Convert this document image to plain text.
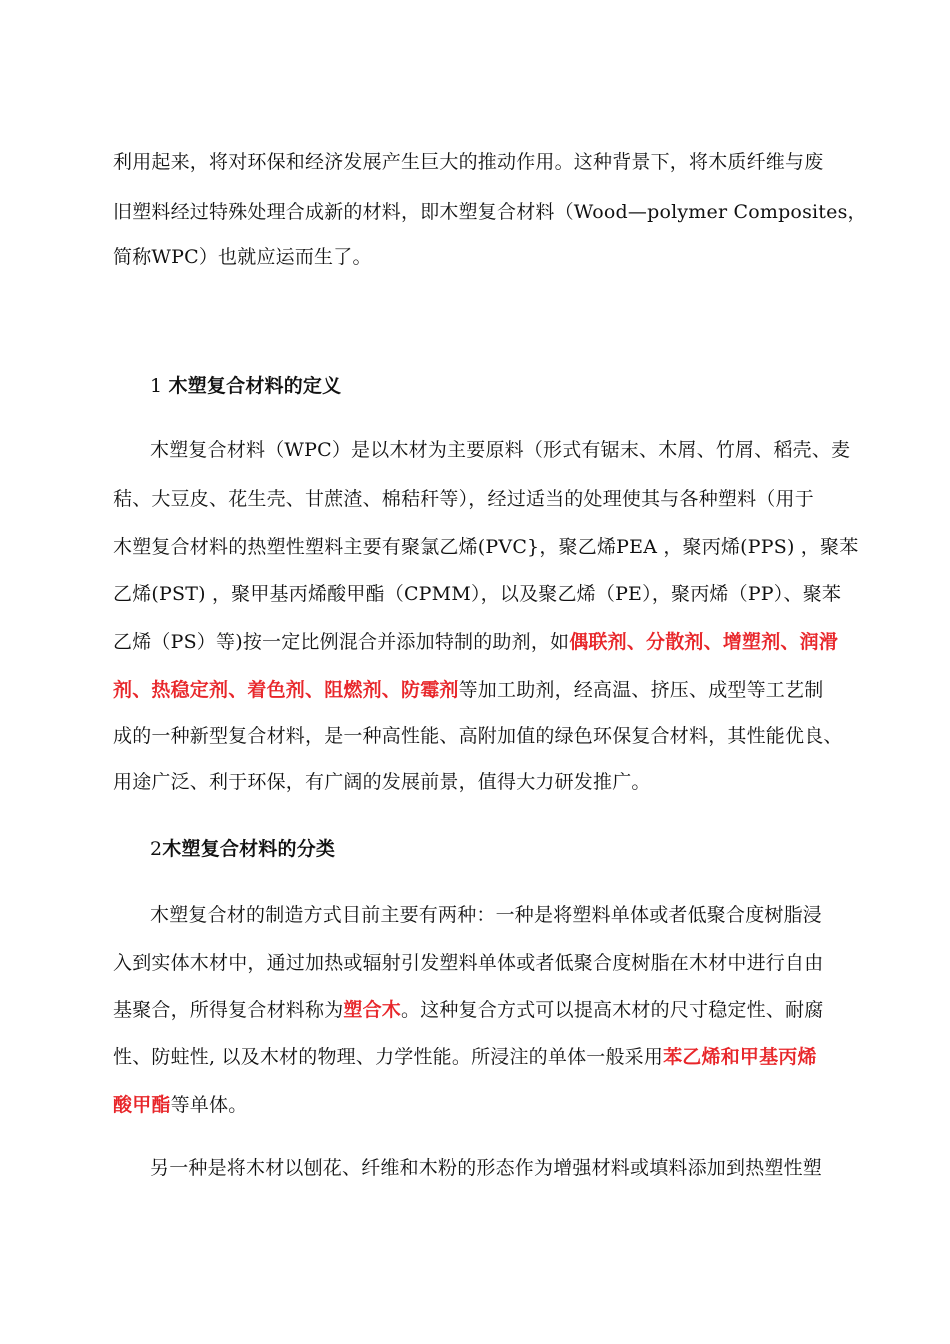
利用起来，将对环保和经济发展产生巨大的推动作用。这种背景下，将木质纤维与废
旧塑料经过特殊处理合成新的材料，即木塑复合材料（Wood—polymer Composites，
简称WPC）也就应运而生了。
1 木塑复合材料的定义
木塑复合材料（WPC）是以木材为主要原料（形式有锯末、木屑、竹屑、稻壳、麦
秸、大豆皮、花生壳、甘蔗渣、棉秸秆等），经过适当的处理使其与各种塑料（用于
木塑复合材料的热塑性塑料主要有聚氯乙烯(PVC}，聚乙烯PEA ，聚丙烯(PPS) ，聚苯
乙烯(PST) ，聚甲基丙烯酸甲酯（CPMM），以及聚乙烯（PE），聚丙烯（PP）、聚苯
乙烯（PS）等)按一定比例混合并添加特制的助剂，如偶联剂、分散剂、增塑剂、润滑
剂、热稳定剂、着色剂、阻燃剂、防霉剂等加工助剂，经高温、挤压、成型等工艺制
成的一种新型复合材料，是一种高性能、高附加值的绿色环保复合材料，其性能优良、
用途广泛、利于环保，有广阔的发展前景，值得大力研发推广。
2木塑复合材料的分类
木塑复合材的制造方式目前主要有两种：一种是将塑料单体或者低聚合度树脂浸
入到实体木材中，通过加热或辐射引发塑料单体或者低聚合度树脂在木材中进行自由
基聚合，所得复合材料称为塑合木。这种复合方式可以提高木材的尺寸稳定性、耐腐
性、防蛀性, 以及木材的物理、力学性能。所浸注的单体一般采用苯乙烯和甲基丙烯
酸甲酯等单体。
另一种是将木材以刨花、纤维和木粉的形态作为增强材料或填料添加到热塑性塑
